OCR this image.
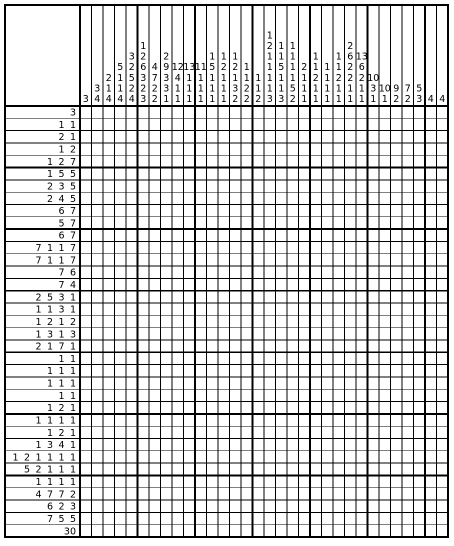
3
3
4
2
1
4
5
1
1
4
3
2
5
2
4
1
2
6
3
2
3
4
7
2
2
2
9
3
3
1
12
4
1
1
13
1
1
1
11
1
1
1
1
5
1
1
1
1
2
1
1
1
1
2
1
3
2
1
1
2
2
1
1
2
1
2
1
1
1
1
3
1
1
5
1
1
3
1
1
1
1
5
2
2
1
1
1
1
1
2
1
1
1
1
1
1
1
1
2
1
1
2
6
2
2
1
1
13
6
2
1
1
10
3
1
10
1
9
2
7
2
5
3 4 4
3
1 1
2 1
1 2
1 2 7
1 5 5
2 3 5
2 4 5
6 7
5 7
6 7
7 1 1 7
7 1 1 7
7 6
7 4
2 5 3 1
1 1 3 1
1 2 1 2
1 3 1 3
2 1 7 1
1 1
1 1 1
1 1 1
1 1
1 2 1
1 1 1 1
1 2 1
1 3 4 1
1 2 1 1 1 1
5 2 1 1 1
1 1 1 1
4 7 7 2
6 2 3
7 5 5
30
